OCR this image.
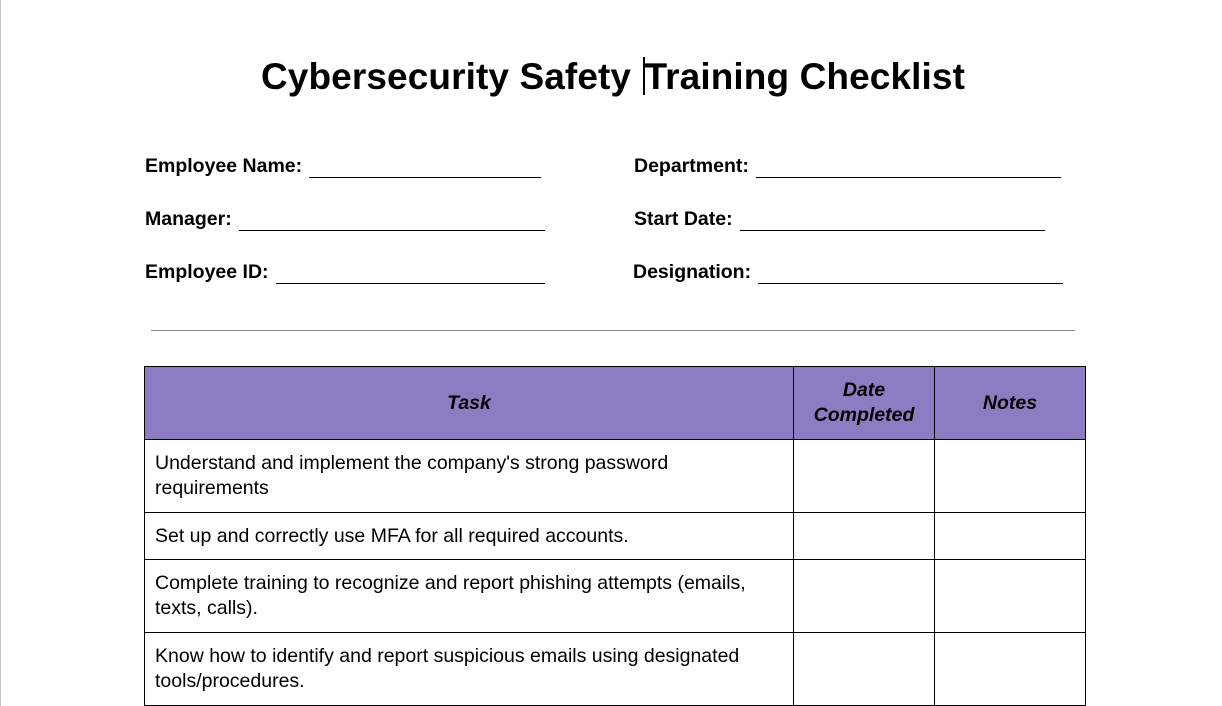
Cybersecurity Safety Training Checklist
Employee Name:	Department:
Manager:	Start Date:
Employee ID:	Designation:
Task	Date Completed	Notes
Understand and implement the company's strong password requirements		
Set up and correctly use MFA for all required accounts.		
Complete training to recognize and report phishing attempts (emails, texts, calls).		
Know how to identify and report suspicious emails using designated tools/procedures.		
